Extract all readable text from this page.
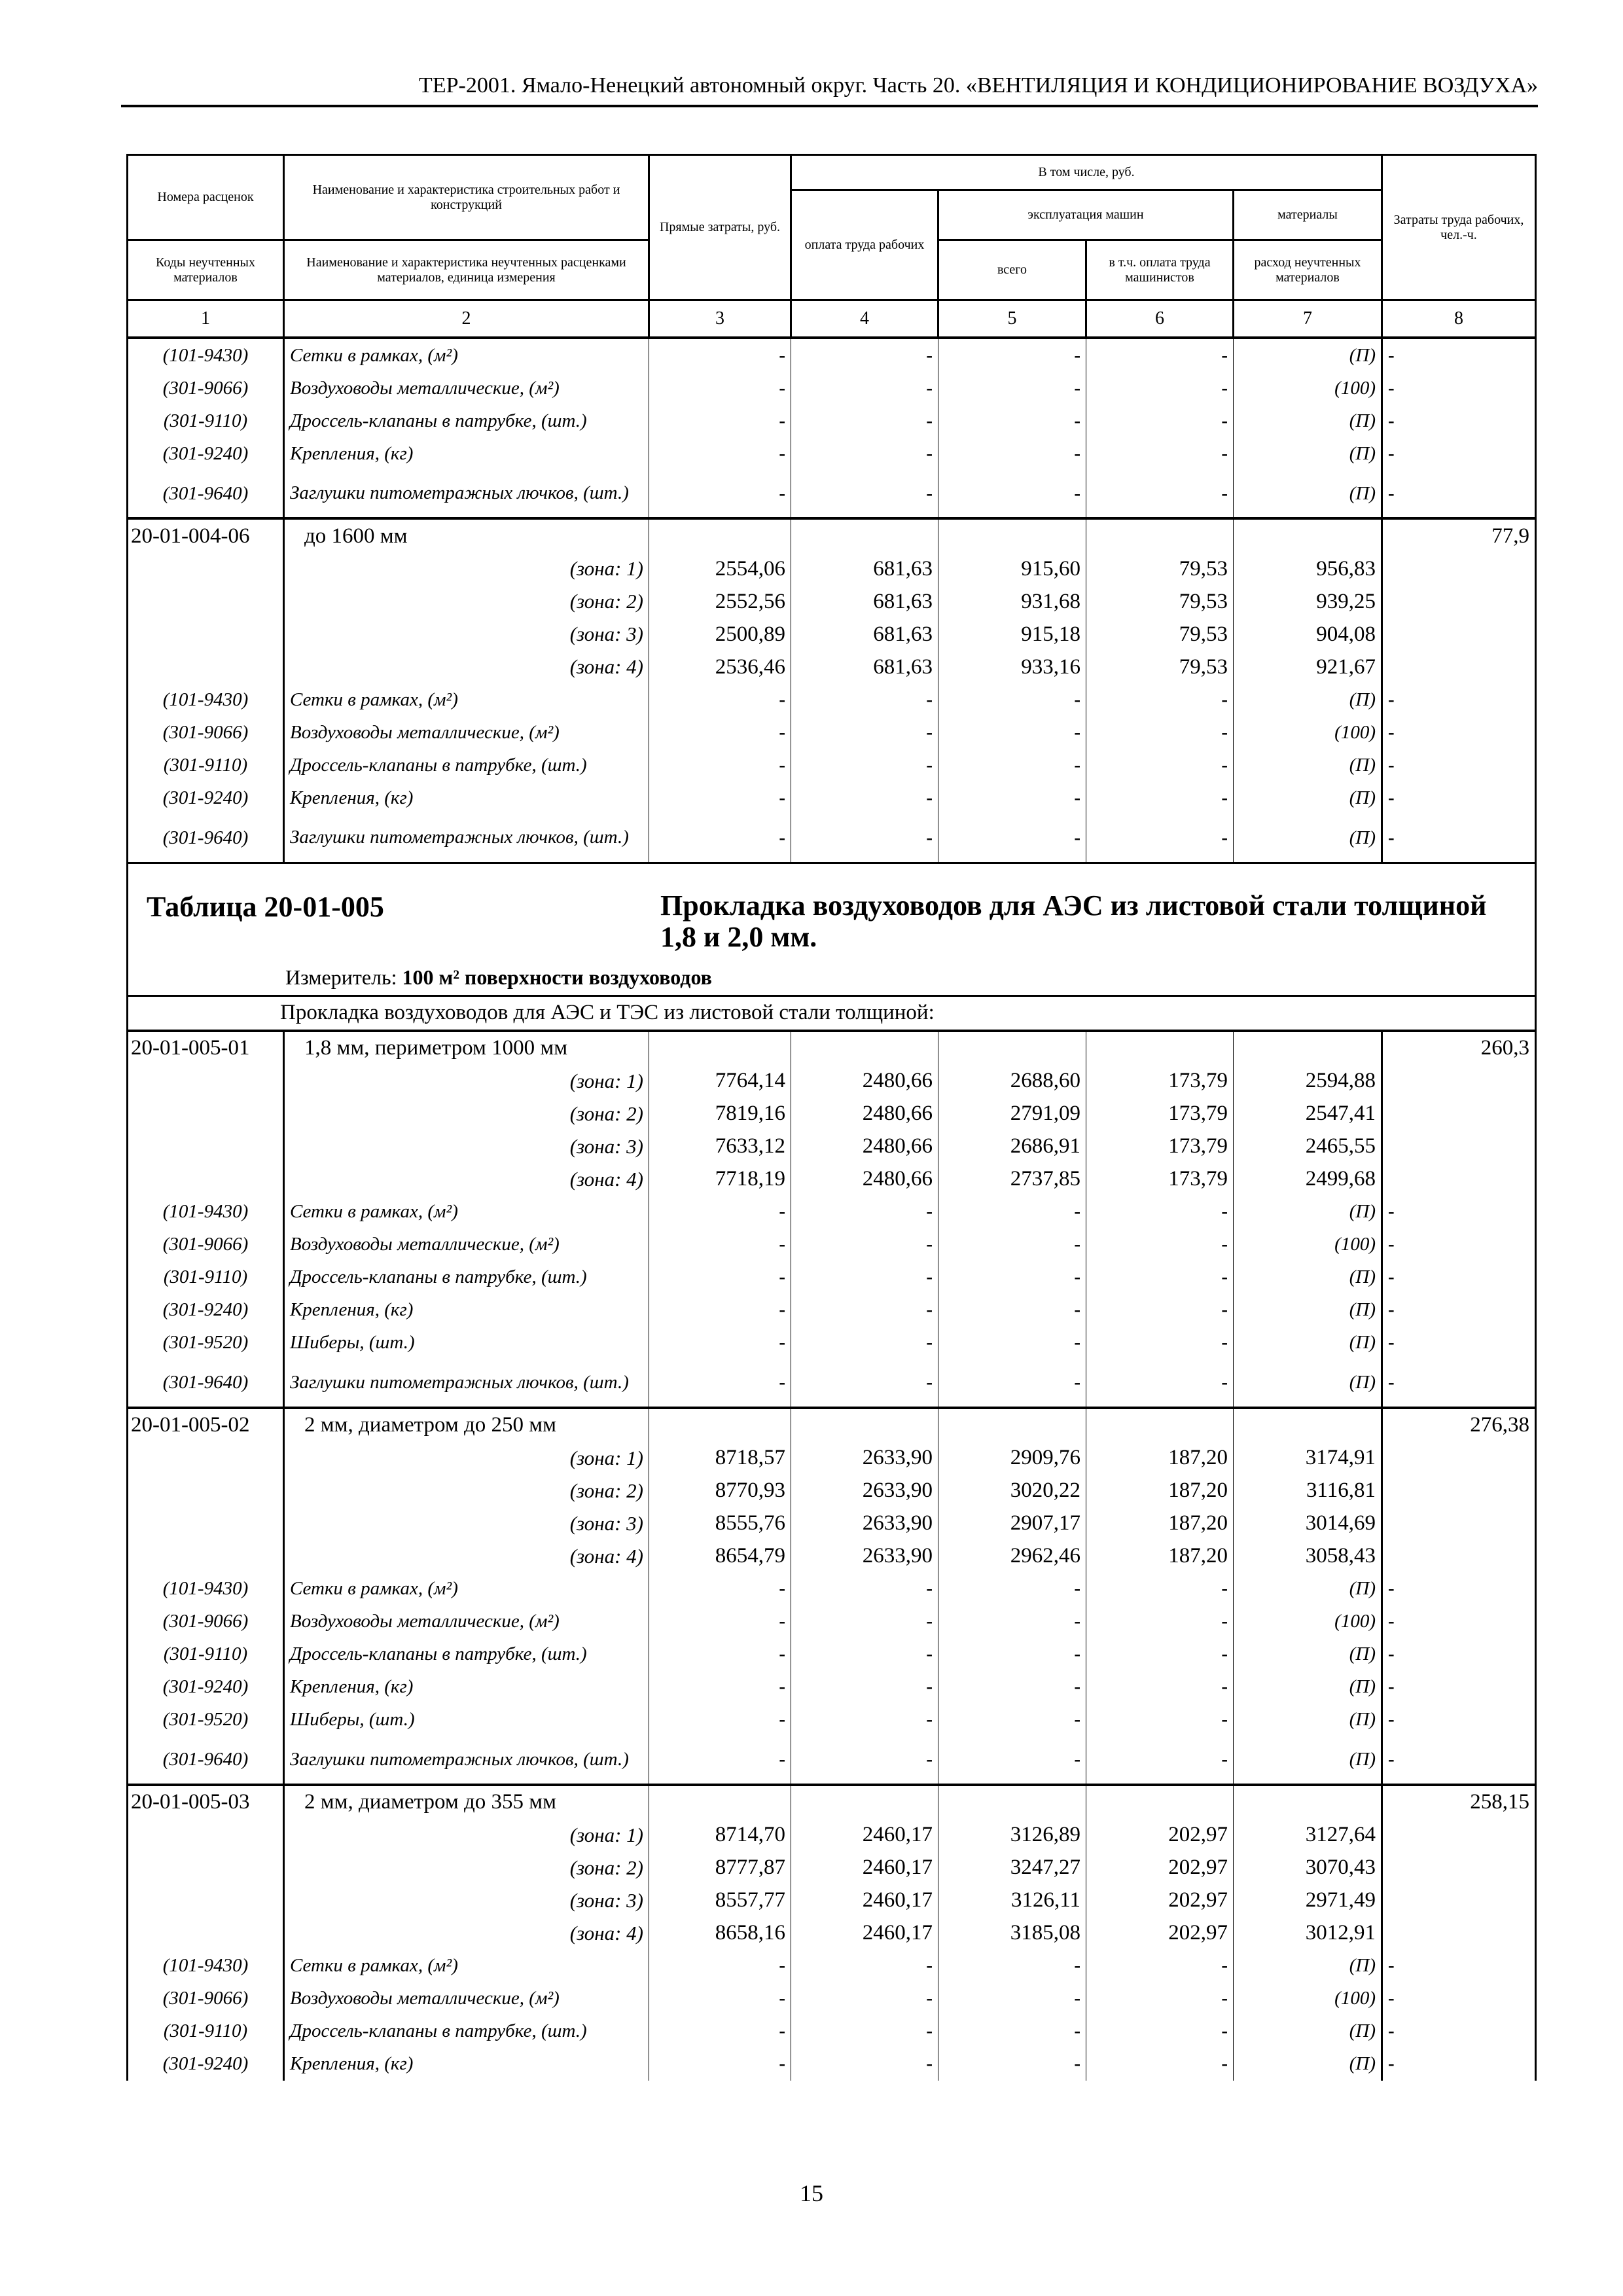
ТЕР-2001. Ямало-Ненецкий автономный округ. Часть 20. «ВЕНТИЛЯЦИЯ И КОНДИЦИОНИРОВАНИЕ ВОЗДУХА»
Номера расценок	Наименование и характеристика строительных работ и конструкций	Прямые затраты, руб.	В том числе, руб.				Затраты труда рабочих, чел.-ч.
			оплата труда рабочих	эксплуатация машин		материалы	
Коды неучтенных материалов	Наименование и характеристика неучтенных расценками материалов, единица измерения			всего	в т.ч. оплата труда машинистов	расход неучтенных материалов	
1	2	3	4	5	6	7	8
(101-9430)	Сетки в рамках, (м²)	-	-	-	-	(П)	-
(301-9066)	Воздуховоды металлические, (м²)	-	-	-	-	(100)	-
(301-9110)	Дроссель-клапаны в патрубке, (шт.)	-	-	-	-	(П)	-
(301-9240)	Крепления, (кг)	-	-	-	-	(П)	-
(301-9640)	Заглушки питометражных лючков, (шт.)	-	-	-	-	(П)	-
20-01-004-06	до 1600 мм						77,9
	(зона: 1)	2554,06	681,63	915,60	79,53	956,83	
	(зона: 2)	2552,56	681,63	931,68	79,53	939,25	
	(зона: 3)	2500,89	681,63	915,18	79,53	904,08	
	(зона: 4)	2536,46	681,63	933,16	79,53	921,67	
(101-9430)	Сетки в рамках, (м²)	-	-	-	-	(П)	-
(301-9066)	Воздуховоды металлические, (м²)	-	-	-	-	(100)	-
(301-9110)	Дроссель-клапаны в патрубке, (шт.)	-	-	-	-	(П)	-
(301-9240)	Крепления, (кг)	-	-	-	-	(П)	-
(301-9640)	Заглушки питометражных лючков, (шт.)	-	-	-	-	(П)	-

Таблица 20-01-005 Прокладка воздуховодов для АЭС из листовой стали толщиной 1,8 и 2,0 мм.
Измеритель: 100 м² поверхности воздуховодов							

Прокладка воздуховодов для АЭС и ТЭС из листовой стали толщиной:							
20-01-005-01	1,8 мм, периметром 1000 мм						260,3
	(зона: 1)	7764,14	2480,66	2688,60	173,79	2594,88	
	(зона: 2)	7819,16	2480,66	2791,09	173,79	2547,41	
	(зона: 3)	7633,12	2480,66	2686,91	173,79	2465,55	
	(зона: 4)	7718,19	2480,66	2737,85	173,79	2499,68	
(101-9430)	Сетки в рамках, (м²)	-	-	-	-	(П)	-
(301-9066)	Воздуховоды металлические, (м²)	-	-	-	-	(100)	-
(301-9110)	Дроссель-клапаны в патрубке, (шт.)	-	-	-	-	(П)	-
(301-9240)	Крепления, (кг)	-	-	-	-	(П)	-
(301-9520)	Шиберы, (шт.)	-	-	-	-	(П)	-
(301-9640)	Заглушки питометражных лючков, (шт.)	-	-	-	-	(П)	-
20-01-005-02	2 мм, диаметром до 250 мм						276,38
	(зона: 1)	8718,57	2633,90	2909,76	187,20	3174,91	
	(зона: 2)	8770,93	2633,90	3020,22	187,20	3116,81	
	(зона: 3)	8555,76	2633,90	2907,17	187,20	3014,69	
	(зона: 4)	8654,79	2633,90	2962,46	187,20	3058,43	
(101-9430)	Сетки в рамках, (м²)	-	-	-	-	(П)	-
(301-9066)	Воздуховоды металлические, (м²)	-	-	-	-	(100)	-
(301-9110)	Дроссель-клапаны в патрубке, (шт.)	-	-	-	-	(П)	-
(301-9240)	Крепления, (кг)	-	-	-	-	(П)	-
(301-9520)	Шиберы, (шт.)	-	-	-	-	(П)	-
(301-9640)	Заглушки питометражных лючков, (шт.)	-	-	-	-	(П)	-
20-01-005-03	2 мм, диаметром до 355 мм						258,15
	(зона: 1)	8714,70	2460,17	3126,89	202,97	3127,64	
	(зона: 2)	8777,87	2460,17	3247,27	202,97	3070,43	
	(зона: 3)	8557,77	2460,17	3126,11	202,97	2971,49	
	(зона: 4)	8658,16	2460,17	3185,08	202,97	3012,91	
(101-9430)	Сетки в рамках, (м²)	-	-	-	-	(П)	-
(301-9066)	Воздуховоды металлические, (м²)	-	-	-	-	(100)	-
(301-9110)	Дроссель-клапаны в патрубке, (шт.)	-	-	-	-	(П)	-
(301-9240)	Крепления, (кг)	-	-	-	-	(П)	-
15
